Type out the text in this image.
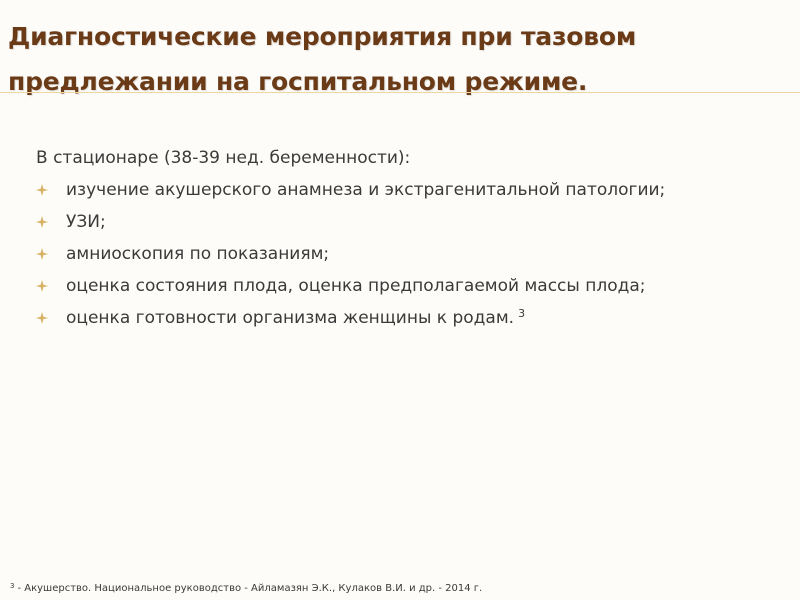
Диагностические мероприятия при тазовом предлежании на госпитальном режиме.
В стационаре (38-39 нед. беременности):
изучение акушерского анамнеза и экстрагенитальной патологии;
УЗИ;
амниоскопия по показаниям;
оценка состояния плода, оценка предполагаемой массы плода;
оценка готовности организма женщины к родам. $^3$
$^3$ - Акушерство. Национальное руководство - Айламазян Э.К., Кулаков В.И. и др. - 2014 г.
